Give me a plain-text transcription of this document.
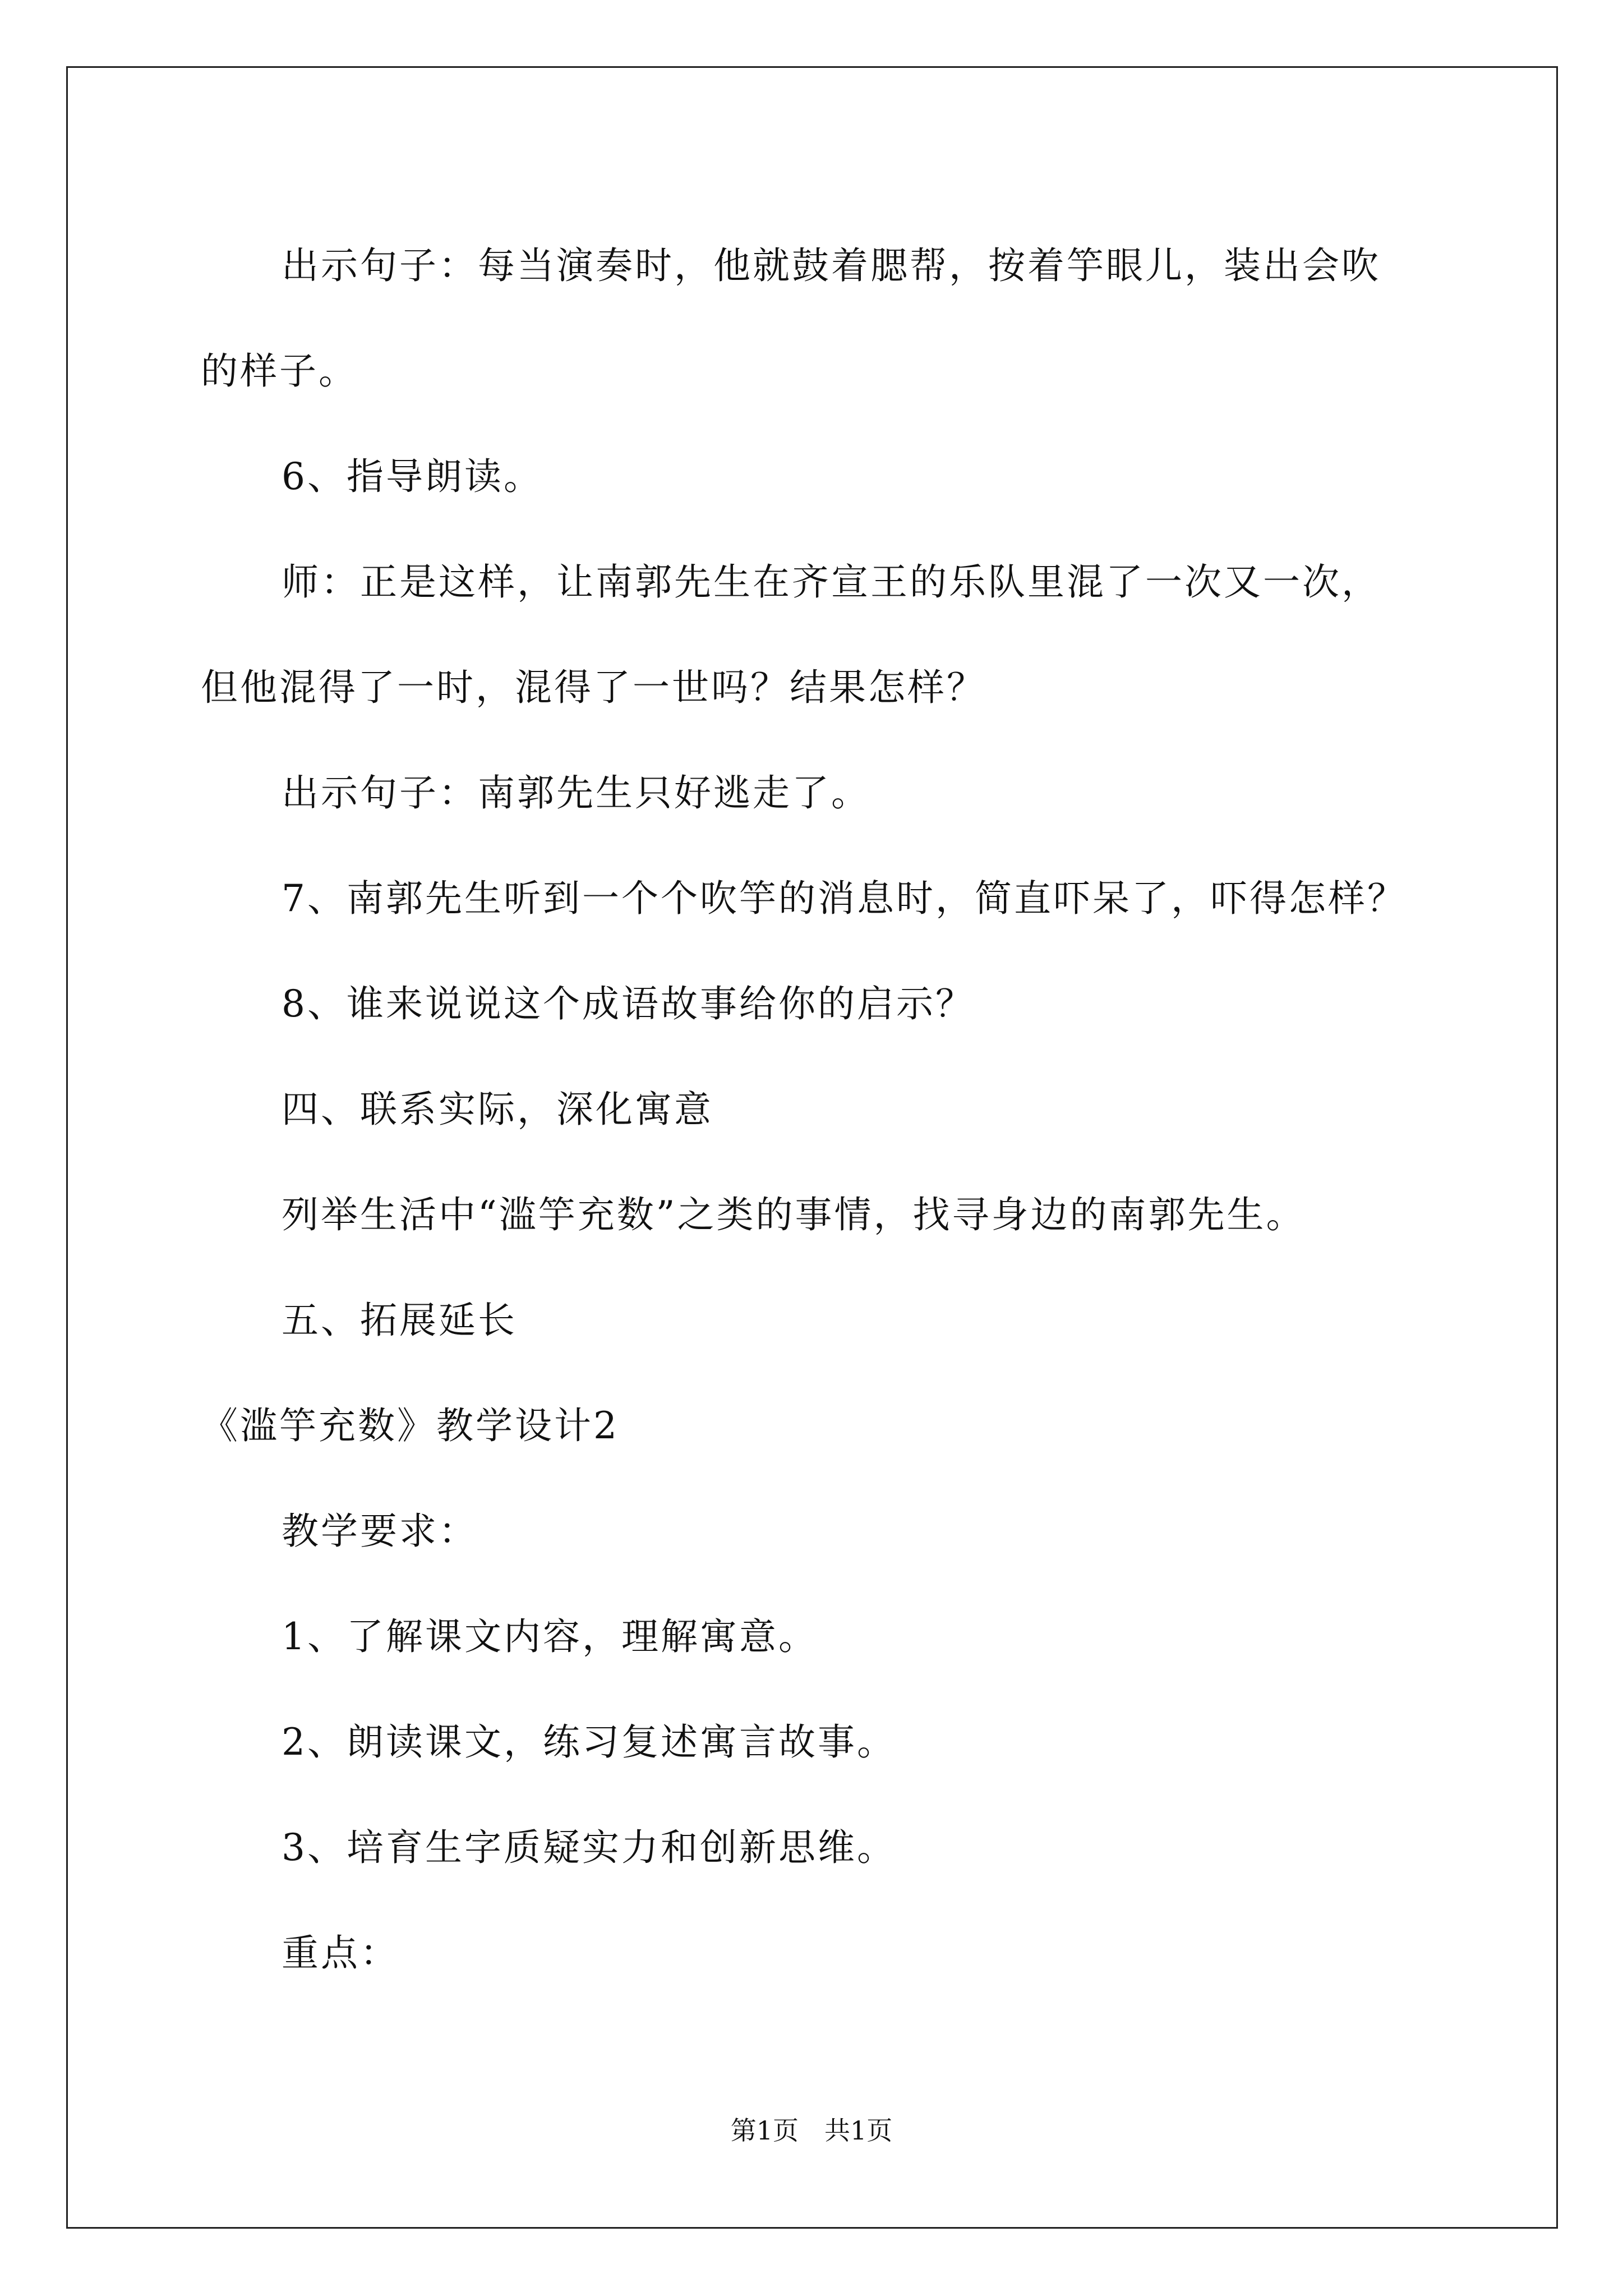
出示句子：每当演奏时，他就鼓着腮帮，按着竽眼儿，装出会吹
的样子。
6、指导朗读。
师：正是这样，让南郭先生在齐宣王的乐队里混了一次又一次，
但他混得了一时，混得了一世吗？结果怎样？
出示句子：南郭先生只好逃走了。
7、南郭先生听到一个个吹竽的消息时，简直吓呆了，吓得怎样？
8、谁来说说这个成语故事给你的启示？
四、联系实际，深化寓意
列举生活中“滥竽充数”之类的事情，找寻身边的南郭先生。
五、拓展延长
《滥竽充数》教学设计2
教学要求：
1、了解课文内容，理解寓意。
2、朗读课文，练习复述寓言故事。
3、培育生字质疑实力和创新思维。
重点：
第1页　共1页
